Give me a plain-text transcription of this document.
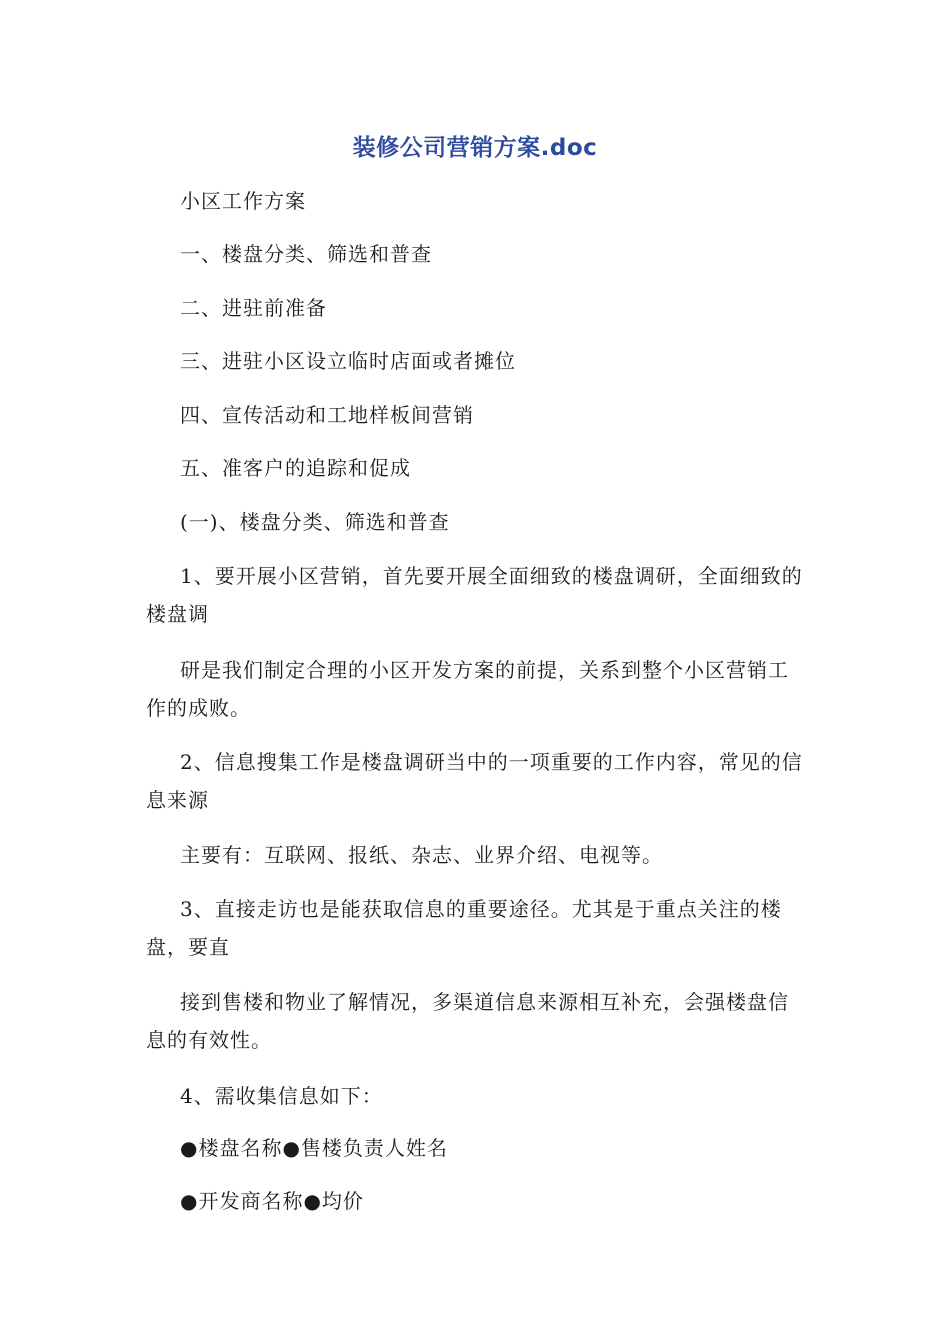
装修公司营销方案.doc
小区工作方案
一、楼盘分类、筛选和普查
二、进驻前准备
三、进驻小区设立临时店面或者摊位
四、宣传活动和工地样板间营销
五、准客户的追踪和促成
(一)、楼盘分类、筛选和普查
1、要开展小区营销，首先要开展全面细致的楼盘调研，全面细致的楼盘调
研是我们制定合理的小区开发方案的前提，关系到整个小区营销工作的成败。
2、信息搜集工作是楼盘调研当中的一项重要的工作内容，常见的信息来源
主要有：互联网、报纸、杂志、业界介绍、电视等。
3、直接走访也是能获取信息的重要途径。尤其是于重点关注的楼盘，要直
接到售楼和物业了解情况，多渠道信息来源相互补充，会强楼盘信息的有效性。
4、需收集信息如下：
●楼盘名称●售楼负责人姓名
●开发商名称●均价
